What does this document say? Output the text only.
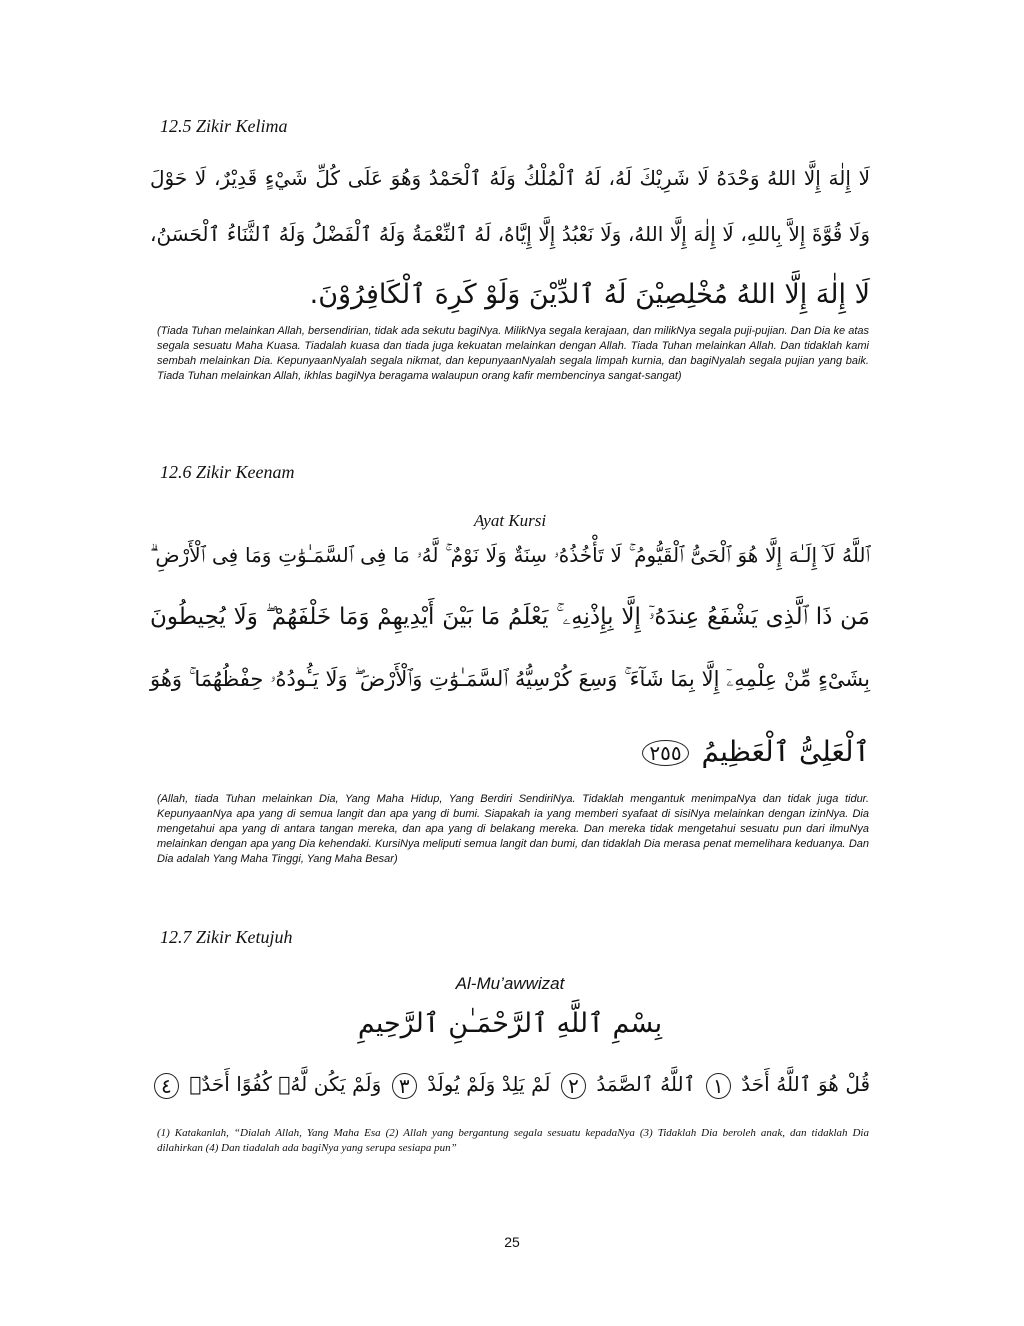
12.5 Zikir Kelima
لَا إِلٰهَ إِلَّا اللهُ وَحْدَهُ لَا شَرِيْكَ لَهُ، لَهُ ٱلْمُلْكُ وَلَهُ ٱلْحَمْدُ وَهُوَ عَلَى كُلِّ شَيْءٍ قَدِيْرٌ، لَا حَوْلَ
وَلَا قُوَّةَ إِلاَّ بِاللهِ، لَا إِلٰهَ إِلَّا اللهُ، وَلَا نَعْبُدُ إِلَّا إِيَّاهُ، لَهُ ٱلنِّعْمَةُ وَلَهُ ٱلْفَضْلُ وَلَهُ ٱلثَّنَاءُ ٱلْحَسَنُ،
لَا إِلٰهَ إِلَّا اللهُ مُخْلِصِيْنَ لَهُ ٱلدِّيْنَ وَلَوْ كَرِهَ ٱلْكَافِرُوْنَ.
(Tiada Tuhan melainkan Allah, bersendirian, tidak ada sekutu bagiNya. MilikNya segala kerajaan, dan milikNya segala puji-pujian. Dan Dia ke atas segala sesuatu Maha Kuasa. Tiadalah kuasa dan tiada juga kekuatan melainkan dengan Allah. Tiada Tuhan melainkan Allah. Dan tidaklah kami sembah melainkan Dia. KepunyaanNyalah segala nikmat, dan kepunyaanNyalah segala limpah kurnia, dan bagiNyalah segala pujian yang baik. Tiada Tuhan melainkan Allah, ikhlas bagiNya beragama walaupun orang kafir membencinya sangat-sangat)
12.6 Zikir Keenam
Ayat Kursi
ٱللَّهُ لَآ إِلَـٰهَ إِلَّا هُوَ ٱلْحَىُّ ٱلْقَيُّومُ ۚ لَا تَأْخُذُهُۥ سِنَةٌ وَلَا نَوْمٌ ۚ لَّهُۥ مَا فِى ٱلسَّمَـٰوَٰتِ وَمَا فِى ٱلْأَرْضِ ۗ
مَن ذَا ٱلَّذِى يَشْفَعُ عِندَهُۥٓ إِلَّا بِإِذْنِهِۦ ۚ يَعْلَمُ مَا بَيْنَ أَيْدِيهِمْ وَمَا خَلْفَهُمْ ۖ وَلَا يُحِيطُونَ
بِشَىْءٍ مِّنْ عِلْمِهِۦٓ إِلَّا بِمَا شَآءَ ۚ وَسِعَ كُرْسِيُّهُ ٱلسَّمَـٰوَٰتِ وَٱلْأَرْضَ ۖ وَلَا يَـُٔودُهُۥ حِفْظُهُمَا ۚ وَهُوَ
ٱلْعَلِىُّ ٱلْعَظِيمُ ٢٥٥
(Allah, tiada Tuhan melainkan Dia, Yang Maha Hidup, Yang Berdiri SendiriNya. Tidaklah mengantuk menimpaNya dan tidak juga tidur. KepunyaanNya apa yang di semua langit dan apa yang di bumi. Siapakah ia yang memberi syafaat di sisiNya melainkan dengan izinNya. Dia mengetahui apa yang di antara tangan mereka, dan apa yang di belakang mereka. Dan mereka tidak mengetahui sesuatu pun dari ilmuNya melainkan dengan apa yang Dia kehendaki. KursiNya meliputi semua langit dan bumi, dan tidaklah Dia merasa penat memelihara keduanya. Dan Dia adalah Yang Maha Tinggi, Yang Maha Besar)
12.7 Zikir Ketujuh
Al-Mu’awwizat
بِسْمِ ٱللَّهِ ٱلرَّحْمَـٰنِ ٱلرَّحِيمِ
قُلْ هُوَ ٱللَّهُ أَحَدٌ ١ ٱللَّهُ ٱلصَّمَدُ ٢ لَمْ يَلِدْ وَلَمْ يُولَدْ ٣ وَلَمْ يَكُن لَّهُۥ كُفُوًا أَحَدٌۢ ٤
(1) Katakanlah, “Dialah Allah, Yang Maha Esa (2) Allah yang bergantung segala sesuatu kepadaNya (3) Tidaklah Dia beroleh anak, dan tidaklah Dia dilahirkan (4) Dan tiadalah ada bagiNya yang serupa sesiapa pun”
25
